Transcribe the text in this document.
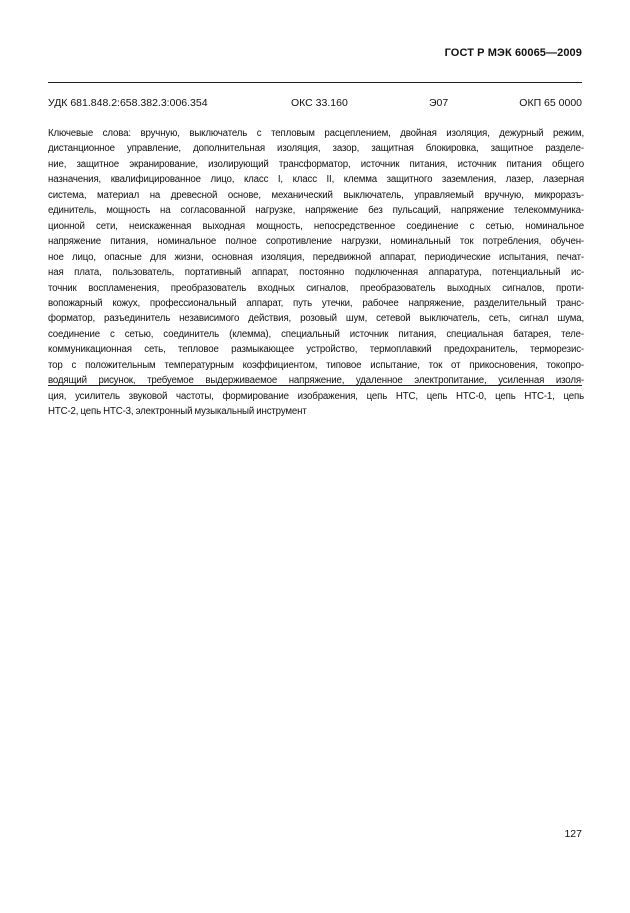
ГОСТ Р МЭК 60065—2009
УДК 681.848.2:658.382.3:006.354	ОКС 33.160	Э07	ОКП 65 0000
Ключевые слова: вручную, выключатель с тепловым расцеплением, двойная изоляция, дежурный режим,
дистанционное управление, дополнительная изоляция, зазор, защитная блокировка, защитное разделе-
ние, защитное экранирование, изолирующий трансформатор, источник питания, источник питания общего
назначения, квалифицированное лицо, класс I, класс II, клемма защитного заземления, лазер, лазерная
система, материал на древесной основе, механический выключатель, управляемый вручную, микроразъ-
единитель, мощность на согласованной нагрузке, напряжение без пульсаций, напряжение телекоммуника-
ционной сети, неискаженная выходная мощность, непосредственное соединение с сетью, номинальное
напряжение питания, номинальное полное сопротивление нагрузки, номинальный ток потребления, обучен-
ное лицо, опасные для жизни, основная изоляция, передвижной аппарат, периодические испытания, печат-
ная плата, пользователь, портативный аппарат, постоянно подключенная аппаратура, потенциальный ис-
точник воспламенения, преобразователь входных сигналов, преобразователь выходных сигналов, проти-
вопожарный кожух, профессиональный аппарат, путь утечки, рабочее напряжение, разделительный транс-
форматор, разъединитель независимого действия, розовый шум, сетевой выключатель, сеть, сигнал шума,
соединение с сетью, соединитель (клемма), специальный источник питания, специальная батарея, теле-
коммуникационная сеть, тепловое размыкающее устройство, термоплавкий предохранитель, терморезис-
тор с положительным температурным коэффициентом, типовое испытание, ток от прикосновения, токопро-
водящий рисунок, требуемое выдерживаемое напряжение, удаленное электропитание, усиленная изоля-
ция, усилитель звуковой частоты, формирование изображения, цепь НТС, цепь НТС-0, цепь НТС-1, цепь
НТС-2, цепь НТС-3, электронный музыкальный инструмент
127
